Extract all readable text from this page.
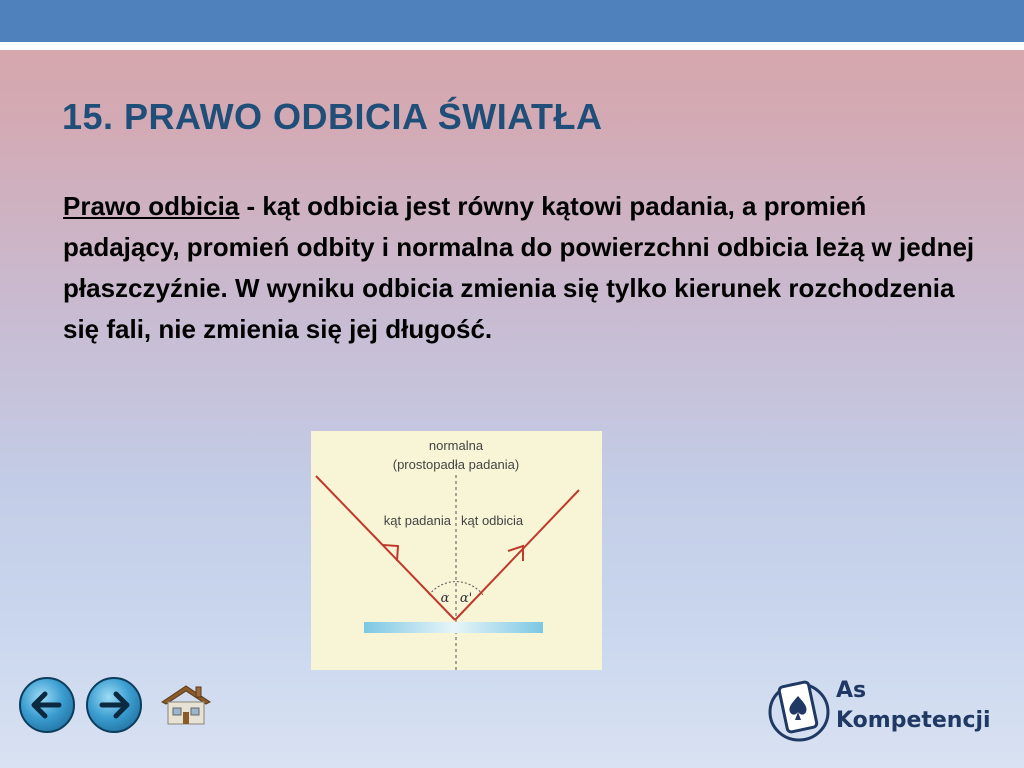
15. PRAWO ODBICIA ŚWIATŁA

Prawo odbicia - kąt odbicia jest równy kątowi padania, a promień padający, promień odbity i normalna do powierzchni odbicia leżą w jednej płaszczyźnie. W wyniku odbicia zmienia się tylko kierunek rozchodzenia się fali, nie zmienia się jej długość.

normalna
(prostopadła padania)
kąt padania kąt odbicia
α α'
As
Kompetencji
